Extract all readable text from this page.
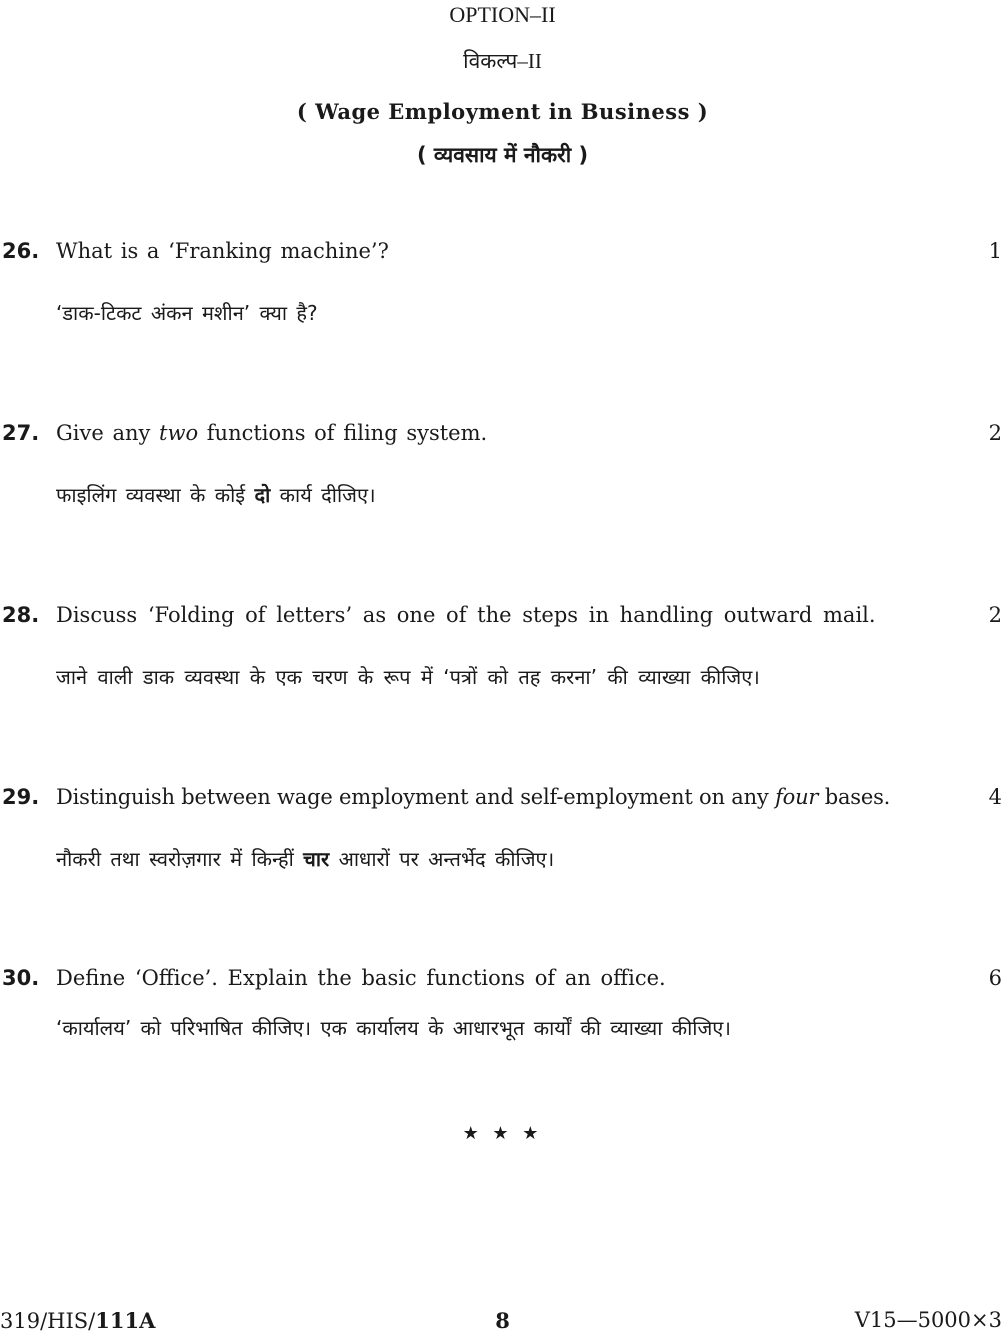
OPTION–II
विकल्प–II
( Wage Employment in Business )
( व्यवसाय में नौकरी )
26. What is a ‘Franking machine’?	1
‘डाक-टिकट अंकन मशीन’ क्या है?
27. Give any two functions of filing system.	2
फाइलिंग व्यवस्था के कोई दो कार्य दीजिए।
28. Discuss ‘Folding of letters’ as one of the steps in handling outward mail.	2
जाने वाली डाक व्यवस्था के एक चरण के रूप में ‘पत्रों को तह करना’ की व्याख्या कीजिए।
29. Distinguish between wage employment and self-employment on any four bases.	4
नौकरी तथा स्वरोज़गार में किन्हीं चार आधारों पर अन्तर्भेद कीजिए।
30. Define ‘Office’. Explain the basic functions of an office.	6
‘कार्यालय’ को परिभाषित कीजिए। एक कार्यालय के आधारभूत कार्यों की व्याख्या कीजिए।
★ ★ ★
319/HIS/111A	8	V15—5000×3
